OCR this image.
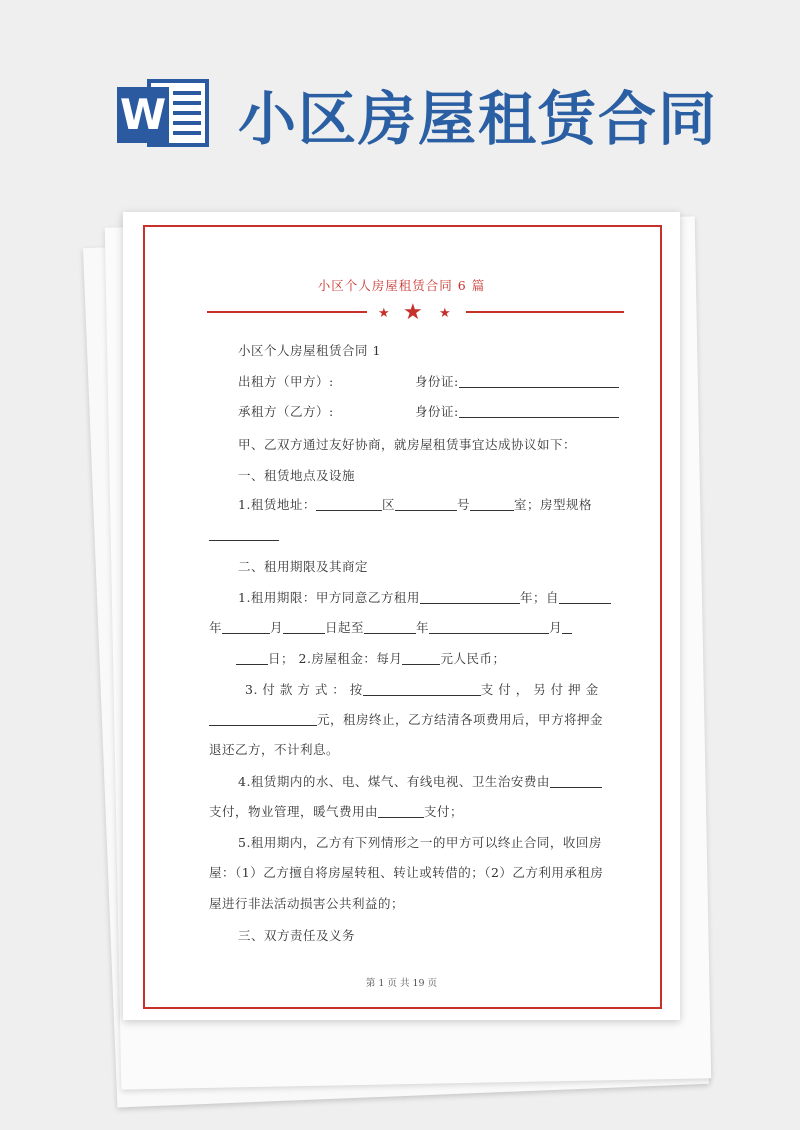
W 小区房屋租赁合同
小区个人房屋租赁合同 6 篇
★ ★ ★
小区个人房屋租赁合同 1
出租方（甲方）:	身份证:
承租方（乙方）:	身份证:
甲、乙双方通过友好协商，就房屋租赁事宜达成协议如下：
一、租赁地点及设施
1.租赁地址：	区	号	室；房型规格
二、租用期限及其商定
1.租用期限：甲方同意乙方租用	年；自
年	月	日起至	年	月
日； 2.房屋租金：每月	元人民币；
3. 付 款 方 式 ： 按	支 付 ， 另 付 押 金
元，租房终止，乙方结清各项费用后，甲方将押金
退还乙方，不计利息。
4.租赁期内的水、电、煤气、有线电视、卫生治安费由
支付，物业管理，暖气费用由	支付；
5.租用期内，乙方有下列情形之一的甲方可以终止合同，收回房
屋：（1）乙方擅自将房屋转租、转让或转借的；（2）乙方利用承租房
屋进行非法活动损害公共利益的；
三、双方责任及义务
第 1 页 共 19 页
